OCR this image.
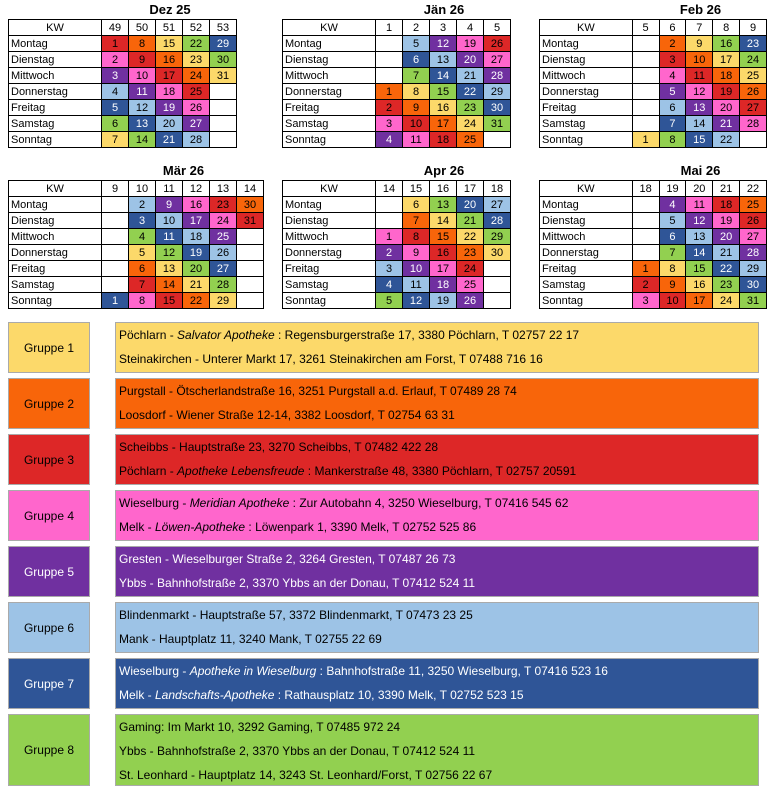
Dez 25
KW	49	50	51	52	53
Montag	1	8	15	22	29
Dienstag	2	9	16	23	30
Mittwoch	3	10	17	24	31
Donnerstag	4	11	18	25	
Freitag	5	12	19	26	
Samstag	6	13	20	27	
Sonntag	7	14	21	28	
Jän 26
KW	1	2	3	4	5
Montag		5	12	19	26
Dienstag		6	13	20	27
Mittwoch		7	14	21	28
Donnerstag	1	8	15	22	29
Freitag	2	9	16	23	30
Samstag	3	10	17	24	31
Sonntag	4	11	18	25	
Feb 26
KW	5	6	7	8	9
Montag		2	9	16	23
Dienstag		3	10	17	24
Mittwoch		4	11	18	25
Donnerstag		5	12	19	26
Freitag		6	13	20	27
Samstag		7	14	21	28
Sonntag	1	8	15	22	
Mär 26
KW	9	10	11	12	13	14
Montag		2	9	16	23	30
Dienstag		3	10	17	24	31
Mittwoch		4	11	18	25	
Donnerstag		5	12	19	26	
Freitag		6	13	20	27	
Samstag		7	14	21	28	
Sonntag	1	8	15	22	29	
Apr 26
KW	14	15	16	17	18
Montag		6	13	20	27
Dienstag		7	14	21	28
Mittwoch	1	8	15	22	29
Donnerstag	2	9	16	23	30
Freitag	3	10	17	24	
Samstag	4	11	18	25	
Sonntag	5	12	19	26	
Mai 26
KW	18	19	20	21	22
Montag		4	11	18	25
Dienstag		5	12	19	26
Mittwoch		6	13	20	27
Donnerstag		7	14	21	28
Freitag	1	8	15	22	29
Samstag	2	9	16	23	30
Sonntag	3	10	17	24	31
Gruppe 1
Pöchlarn - Salvator Apotheke : Regensburgerstraße 17, 3380 Pöchlarn, T 02757 22 17
Steinakirchen - Unterer Markt 17, 3261 Steinakirchen am Forst, T 07488 716 16
Gruppe 2
Purgstall - Ötscherlandstraße 16, 3251 Purgstall a.d. Erlauf, T 07489 28 74
Loosdorf - Wiener Straße 12-14, 3382 Loosdorf, T 02754 63 31
Gruppe 3
Scheibbs - Hauptstraße 23, 3270 Scheibbs, T 07482 422 28
Pöchlarn - Apotheke Lebensfreude : Mankerstraße 48, 3380 Pöchlarn, T 02757 20591
Gruppe 4
Wieselburg - Meridian Apotheke : Zur Autobahn 4, 3250 Wieselburg, T 07416 545 62
Melk - Löwen-Apotheke : Löwenpark 1, 3390 Melk, T 02752 525 86
Gruppe 5
Gresten - Wieselburger Straße 2, 3264 Gresten, T 07487 26 73
Ybbs - Bahnhofstraße 2, 3370 Ybbs an der Donau, T 07412 524 11
Gruppe 6
Blindenmarkt - Hauptstraße 57, 3372 Blindenmarkt, T 07473 23 25
Mank - Hauptplatz 11, 3240 Mank, T 02755 22 69
Gruppe 7
Wieselburg - Apotheke in Wieselburg : Bahnhofstraße 11, 3250 Wieselburg, T 07416 523 16
Melk - Landschafts-Apotheke : Rathausplatz 10, 3390 Melk, T 02752 523 15
Gruppe 8
Gaming: Im Markt 10, 3292 Gaming, T 07485 972 24
Ybbs - Bahnhofstraße 2, 3370 Ybbs an der Donau, T 07412 524 11
St. Leonhard - Hauptplatz 14, 3243 St. Leonhard/Forst, T 02756 22 67
